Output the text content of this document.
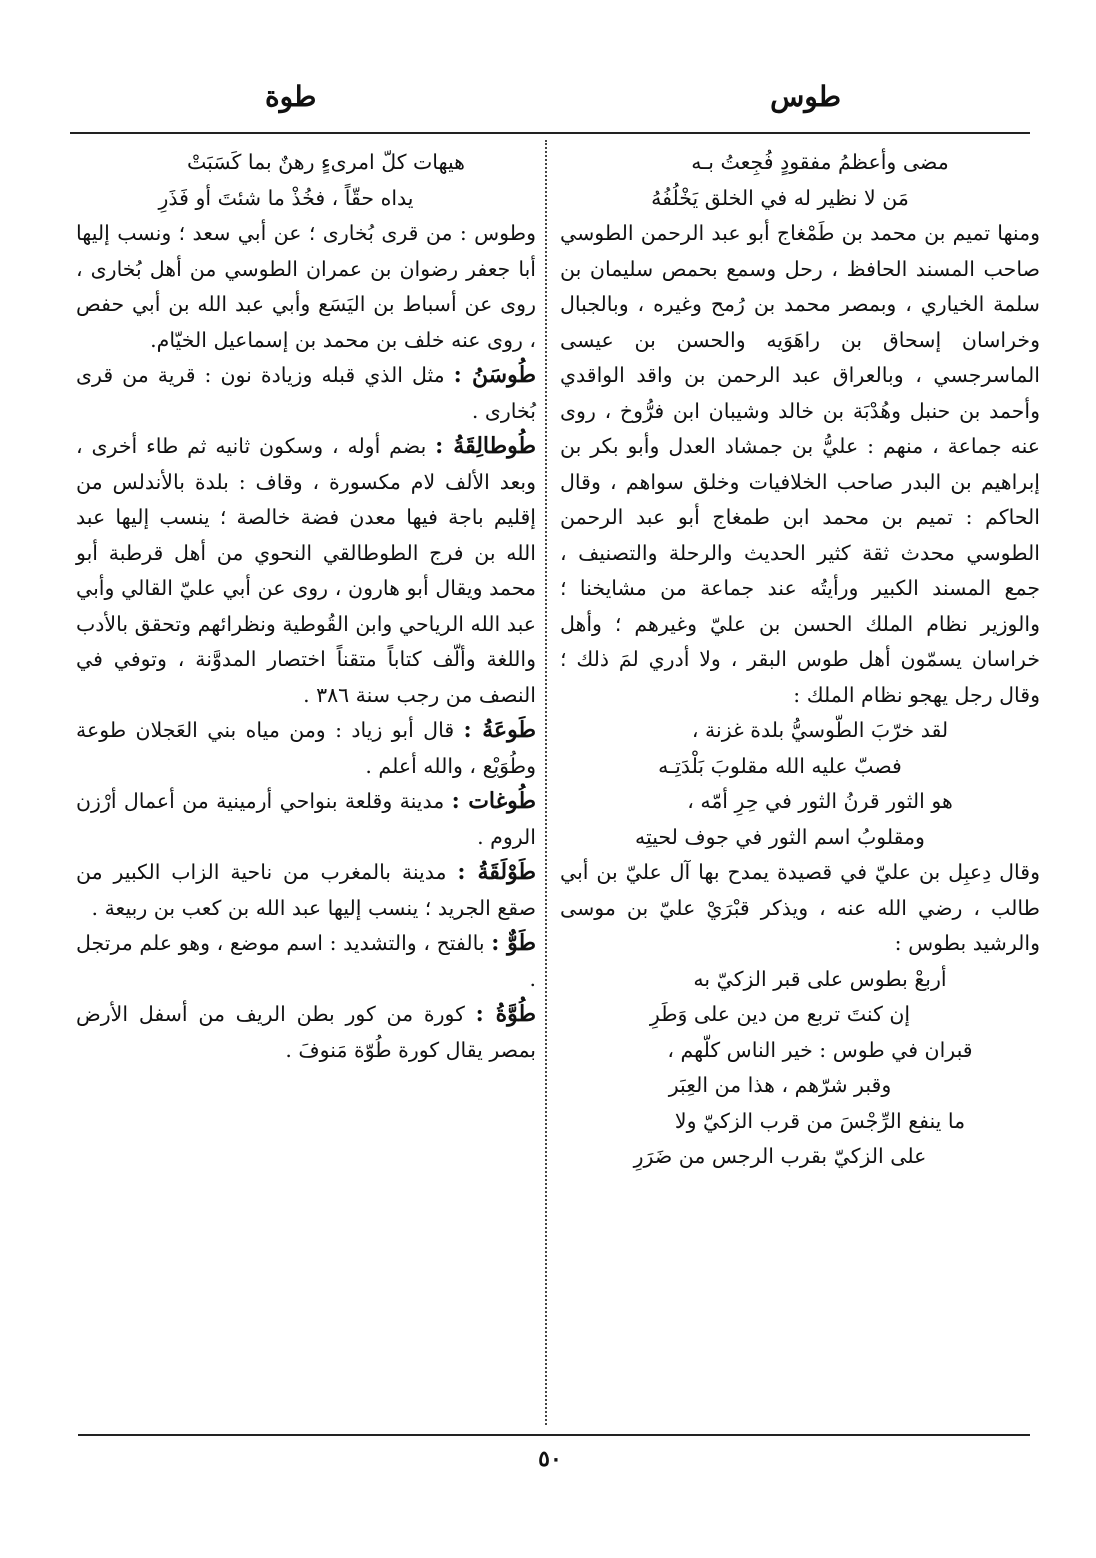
طوس
طوة

مضى وأعظمُ مفقودٍ فُجِعتُ بـه

مَن لا نظير له في الخلق يَخْلُفُهُ

ومنها تميم بن محمد بن طَمْغاج أبو عبد الرحمن الطوسي صاحب المسند الحافظ ، رحل وسمع بحمص سليمان بن سلمة الخياري ، وبمصر محمد بن رُمح وغيره ، وبالجبال وخراسان إسحاق بن راهَوَيه والحسن بن عيسى الماسرجسي ، وبالعراق عبد الرحمن بن واقد الواقدي وأحمد بن حنبل وهُدْبَة بن خالد وشيبان ابن فرُّوخ ، روى عنه جماعة ، منهم : عليُّ بن جمشاد العدل وأبو بكر بن إبراهيم بن البدر صاحب الخلافيات وخلق سواهم ، وقال الحاكم : تميم بن محمد ابن طمغاج أبو عبد الرحمن الطوسي محدث ثقة كثير الحديث والرحلة والتصنيف ، جمع المسند الكبير ورأيتُه عند جماعة من مشايخنا ؛ والوزير نظام الملك الحسن بن عليّ وغيرهم ؛ وأهل خراسان يسمّون أهل طوس البقر ، ولا أدري لمَ ذلك ؛ وقال رجل يهجو نظام الملك :

لقد خرّبَ الطّوسيُّ بلدة غزنة ،

فصبّ عليه الله مقلوبَ بَلْدَتِـه

هو الثور قرنُ الثور في حِرِ أمّه ،

ومقلوبُ اسم الثور في جوف لحيتِه

وقال دِعبِل بن عليّ في قصيدة يمدح بها آل عليّ بن أبي طالب ، رضي الله عنه ، ويذكر قبْرَيْ عليّ بن موسى والرشيد بطوس :

أربعْ بطوس على قبر الزكيّ به

إن كنتَ تربع من دين على وَطَرِ

قبران في طوس : خير الناس كلّهم ،

وقبر شرّهم ، هذا من العِبَر

ما ينفع الرِّجْسَ من قرب الزكيّ ولا

على الزكيّ بقرب الرجس من ضَرَرِ

هيهات كلّ امرىءٍ رهنٌ بما كَسَبَتْ

يداه حقّاً ، فخُذْ ما شئتَ أو فَذَرِ

وطوس : من قرى بُخارى ؛ عن أبي سعد ؛ ونسب إليها أبا جعفر رضوان بن عمران الطوسي من أهل بُخارى ، روى عن أسباط بن اليَسَع وأبي عبد الله بن أبي حفص ، روى عنه خلف بن محمد بن إسماعيل الخيّام.

طُوسَنُ : مثل الذي قبله وزيادة نون : قرية من قرى بُخارى .

طُوطالِقَةُ : بضم أوله ، وسكون ثانيه ثم طاء أخرى ، وبعد الألف لام مكسورة ، وقاف : بلدة بالأندلس من إقليم باجة فيها معدن فضة خالصة ؛ ينسب إليها عبد الله بن فرج الطوطالقي النحوي من أهل قرطبة أبو محمد ويقال أبو هارون ، روى عن أبي عليّ القالي وأبي عبد الله الرياحي وابن القُوطية ونظرائهم وتحقق بالأدب واللغة وألّف كتاباً متقناً اختصار المدوَّنة ، وتوفي في النصف من رجب سنة ٣٨٦ .

طَوعَةُ : قال أبو زياد : ومن مياه بني العَجلان طوعة وطُوَيْع ، والله أعلم .

طُوغات : مدينة وقلعة بنواحي أرمينية من أعمال أرْزن الروم .

طَوْلَقَةُ : مدينة بالمغرب من ناحية الزاب الكبير من صقع الجريد ؛ ينسب إليها عبد الله بن كعب بن ربيعة .

طَوٌّ : بالفتح ، والتشديد : اسم موضع ، وهو علم مرتجل .

طُوَّةُ : كورة من كور بطن الريف من أسفل الأرض بمصر يقال كورة طُوّة مَنوفَ .

٥٠
